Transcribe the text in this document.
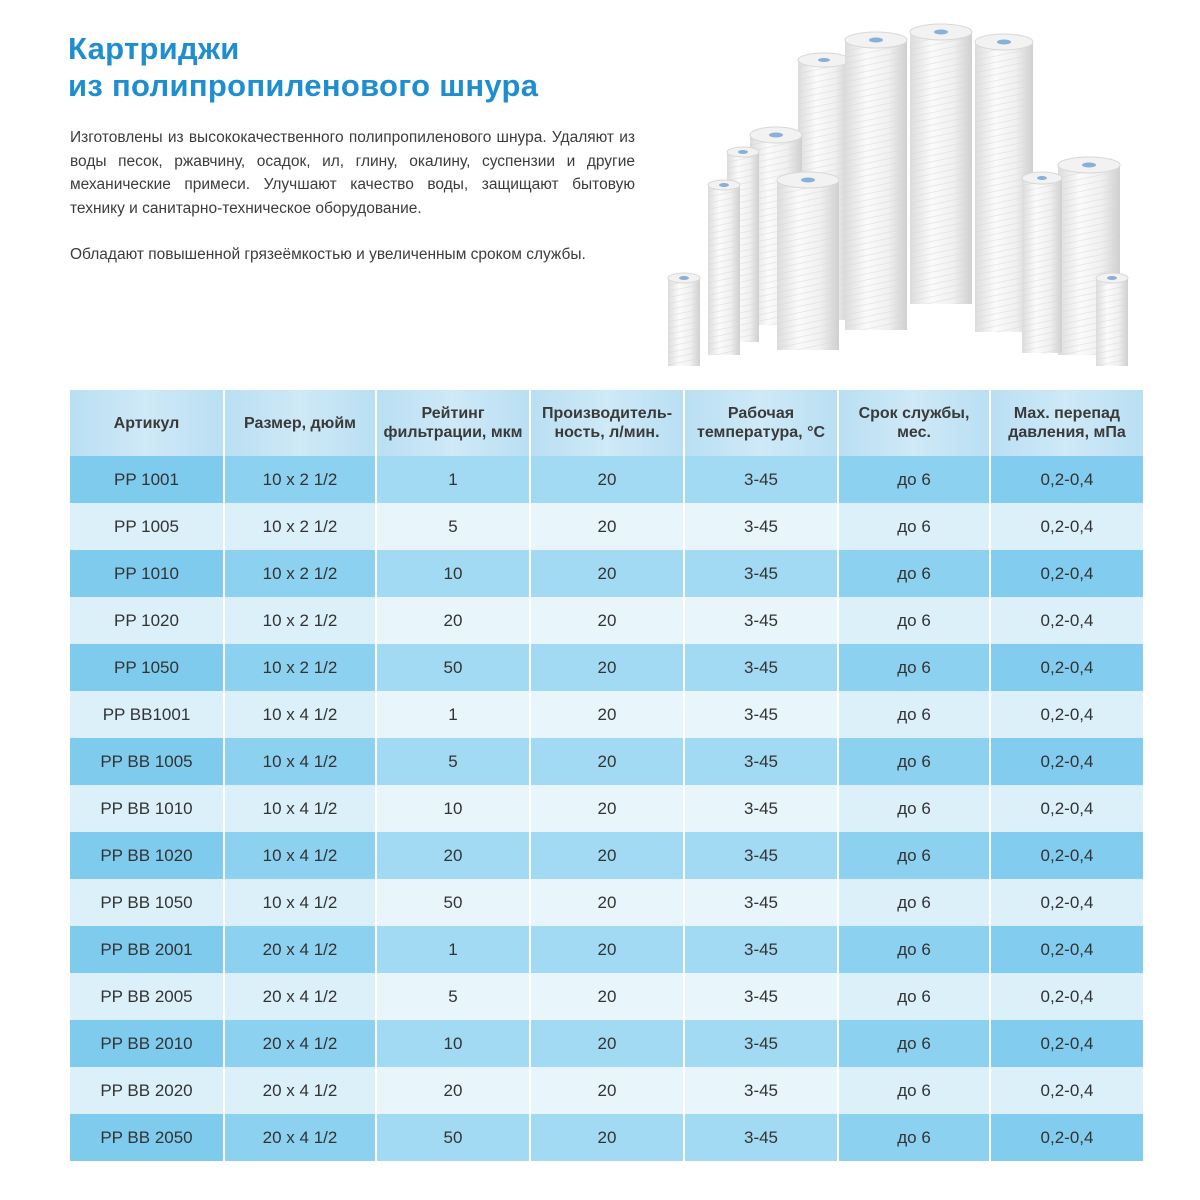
Картриджи
из полипропиленового шнура

Изготовлены из высококачественного полипропиленового шнура. Удаляют из воды песок, ржавчину, осадок, ил, глину, окалину, суспензии и другие механические примеси. Улучшают качество воды, защищают бытовую технику и санитарно-техническое оборудование.

Обладают повышенной грязеёмкостью и увеличенным сроком службы.

Артикул	Размер, дюйм	Рейтинг фильтрации, мкм	Производитель-ность, л/мин.	Рабочая температура, °С	Срок службы, мес.	Мах. перепад давления, мПа
PP 1001	10 х 2 1/2	1	20	3-45	до 6	0,2-0,4
PP 1005	10 х 2 1/2	5	20	3-45	до 6	0,2-0,4
PP 1010	10 х 2 1/2	10	20	3-45	до 6	0,2-0,4
PP 1020	10 х 2 1/2	20	20	3-45	до 6	0,2-0,4
PP 1050	10 х 2 1/2	50	20	3-45	до 6	0,2-0,4
PP BB1001	10 х 4 1/2	1	20	3-45	до 6	0,2-0,4
PP BB 1005	10 х 4 1/2	5	20	3-45	до 6	0,2-0,4
PP BB 1010	10 х 4 1/2	10	20	3-45	до 6	0,2-0,4
PP BB 1020	10 х 4 1/2	20	20	3-45	до 6	0,2-0,4
PP BB 1050	10 х 4 1/2	50	20	3-45	до 6	0,2-0,4
PP BB 2001	20 х 4 1/2	1	20	3-45	до 6	0,2-0,4
PP BB 2005	20 х 4 1/2	5	20	3-45	до 6	0,2-0,4
PP BB 2010	20 х 4 1/2	10	20	3-45	до 6	0,2-0,4
PP BB 2020	20 х 4 1/2	20	20	3-45	до 6	0,2-0,4
PP BB 2050	20 х 4 1/2	50	20	3-45	до 6	0,2-0,4
